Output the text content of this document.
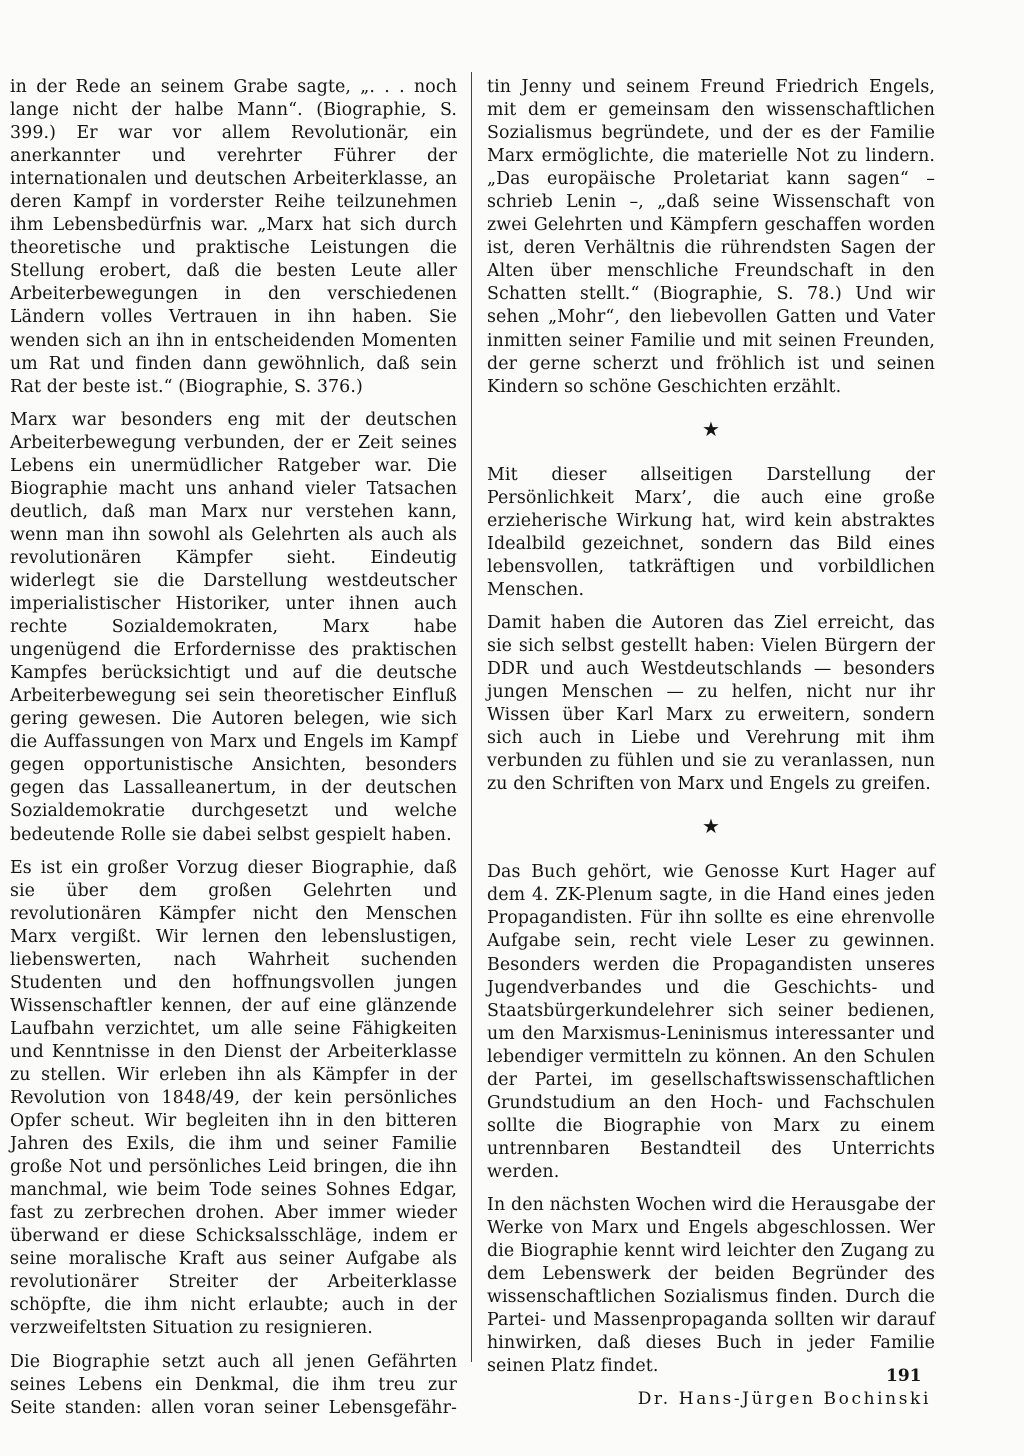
in der Rede an seinem Grabe sagte, „. . . noch lange nicht der halbe Mann“. (Biographie, S. 399.) Er war vor allem Revolutionär, ein anerkannter und verehrter Führer der internationalen und deutschen Arbeiterklasse, an deren Kampf in vorderster Reihe teilzunehmen ihm Lebensbedürfnis war. „Marx hat sich durch theoretische und praktische Leistungen die Stellung erobert, daß die besten Leute aller Arbeiterbewegungen in den verschiedenen Ländern volles Vertrauen in ihn haben. Sie wenden sich an ihn in entscheidenden Momenten um Rat und finden dann gewöhnlich, daß sein Rat der beste ist.“ (Biographie, S. 376.)

Marx war besonders eng mit der deutschen Arbeiterbewegung verbunden, der er Zeit seines Lebens ein unermüdlicher Ratgeber war. Die Biographie macht uns anhand vieler Tatsachen deutlich, daß man Marx nur verstehen kann, wenn man ihn sowohl als Gelehrten als auch als revolutionären Kämpfer sieht. Eindeutig widerlegt sie die Darstellung westdeutscher imperialistischer Historiker, unter ihnen auch rechte Sozialdemokraten, Marx habe ungenügend die Erfordernisse des praktischen Kampfes berücksichtigt und auf die deutsche Arbeiterbewegung sei sein theoretischer Einfluß gering gewesen. Die Autoren belegen, wie sich die Auffassungen von Marx und Engels im Kampf gegen opportunistische Ansichten, besonders gegen das Lassalleanertum, in der deutschen Sozialdemokratie durchgesetzt und welche bedeutende Rolle sie dabei selbst gespielt haben.

Es ist ein großer Vorzug dieser Biographie, daß sie über dem großen Gelehrten und revolutionären Kämpfer nicht den Menschen Marx vergißt. Wir lernen den lebenslustigen, liebenswerten, nach Wahrheit suchenden Studenten und den hoffnungsvollen jungen Wissenschaftler kennen, der auf eine glänzende Laufbahn verzichtet, um alle seine Fähigkeiten und Kenntnisse in den Dienst der Arbeiterklasse zu stellen. Wir erleben ihn als Kämpfer in der Revolution von 1848/49, der kein persönliches Opfer scheut. Wir begleiten ihn in den bitteren Jahren des Exils, die ihm und seiner Familie große Not und persönliches Leid bringen, die ihn manchmal, wie beim Tode seines Sohnes Edgar, fast zu zerbrechen drohen. Aber immer wieder überwand er diese Schicksalsschläge, indem er seine moralische Kraft aus seiner Aufgabe als revolutionärer Streiter der Arbeiterklasse schöpfte, die ihm nicht erlaubte; auch in der verzweifeltsten Situation zu resignieren.

Die Biographie setzt auch all jenen Gefährten seines Lebens ein Denkmal, die ihm treu zur Seite standen: allen voran seiner Lebensgefähr-

tin Jenny und seinem Freund Friedrich Engels, mit dem er gemeinsam den wissenschaftlichen Sozialismus begründete, und der es der Familie Marx ermöglichte, die materielle Not zu lindern. „Das europäische Proletariat kann sagen“ – schrieb Lenin –, „daß seine Wissenschaft von zwei Gelehrten und Kämpfern geschaffen worden ist, deren Verhältnis die rührendsten Sagen der Alten über menschliche Freundschaft in den Schatten stellt.“ (Biographie, S. 78.) Und wir sehen „Mohr“, den liebevollen Gatten und Vater inmitten seiner Familie und mit seinen Freunden, der gerne scherzt und fröhlich ist und seinen Kindern so schöne Geschichten erzählt.

★

Mit dieser allseitigen Darstellung der Persönlichkeit Marx’, die auch eine große erzieherische Wirkung hat, wird kein abstraktes Idealbild gezeichnet, sondern das Bild eines lebensvollen, tatkräftigen und vorbildlichen Menschen.

Damit haben die Autoren das Ziel erreicht, das sie sich selbst gestellt haben: Vielen Bürgern der DDR und auch Westdeutschlands — besonders jungen Menschen — zu helfen, nicht nur ihr Wissen über Karl Marx zu erweitern, sondern sich auch in Liebe und Verehrung mit ihm verbunden zu fühlen und sie zu veranlassen, nun zu den Schriften von Marx und Engels zu greifen.

★

Das Buch gehört, wie Genosse Kurt Hager auf dem 4. ZK-Plenum sagte, in die Hand eines jeden Propagandisten. Für ihn sollte es eine ehrenvolle Aufgabe sein, recht viele Leser zu gewinnen. Besonders werden die Propagandisten unseres Jugendverbandes und die Geschichts- und Staatsbürgerkundelehrer sich seiner bedienen, um den Marxismus-Leninismus interessanter und lebendiger vermitteln zu können. An den Schulen der Partei, im gesellschaftswissenschaftlichen Grundstudium an den Hoch- und Fachschulen sollte die Biographie von Marx zu einem untrennbaren Bestandteil des Unterrichts werden.

In den nächsten Wochen wird die Herausgabe der Werke von Marx und Engels abgeschlossen. Wer die Biographie kennt wird leichter den Zugang zu dem Lebenswerk der beiden Begründer des wissenschaftlichen Sozialismus finden. Durch die Partei- und Massenpropaganda sollten wir darauf hinwirken, daß dieses Buch in jeder Familie seinen Platz findet.

Dr. Hans-Jürgen Bochinski
191
